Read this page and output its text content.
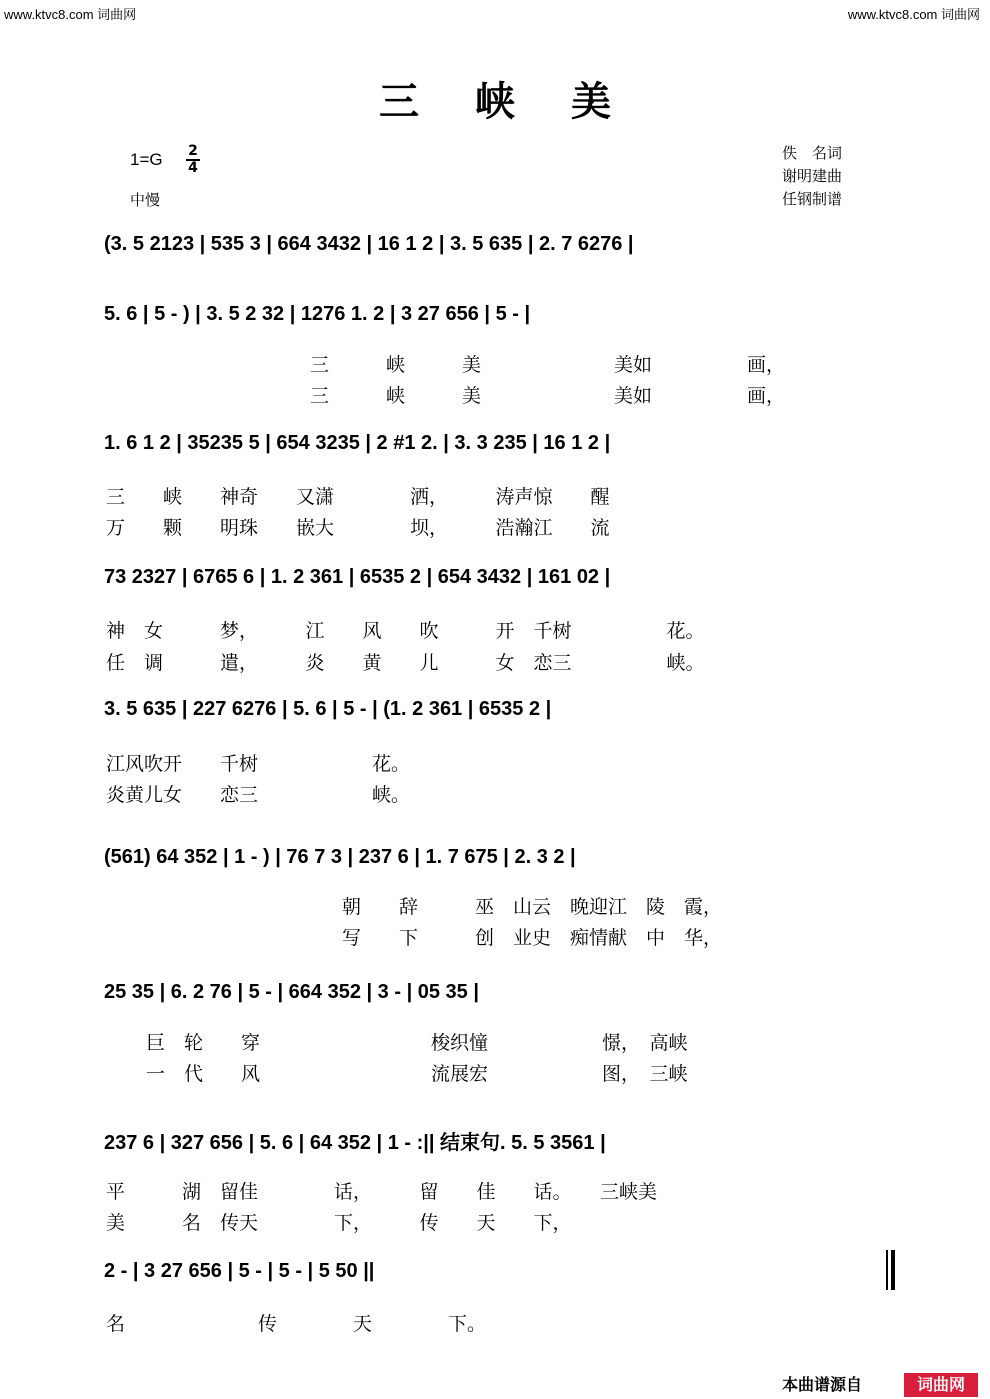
www.ktvc8.com 词曲网	www.ktvc8.com 词曲网
三峡美
1=G 2
4
中慢
佚　名词
谢明建曲
任钢制谱
(3. 5 2123 | 535 3 | 664 3432 | 16 1 2 | 3. 5 635 | 2. 7 6276 |
5. 6 | 5 - ) | 3. 5 2 32 | 1276 1. 2 | 3 27 656 | 5 - |
三　　　峡　　　美　　　　　　　美如　　　　　画，
三　　　峡　　　美　　　　　　　美如　　　　　画，
1. 6 1 2 | 35235 5 | 654 3235 | 2 #1 2. | 3. 3 235 | 16 1 2 |
三　　峡　　神奇　　又潇　　　　洒，　　　涛声惊　　醒
万　　颗　　明珠　　嵌大　　　　坝，　　　浩瀚江　　流
73 2327 | 6765 6 | 1. 2 361 | 6535 2 | 654 3432 | 161 02 |
神　女　　　梦，　　　江　　风　　吹　　　开　千树　　　　　花。
任　调　　　遣，　　　炎　　黄　　儿　　　女　恋三　　　　　峡。
3. 5 635 | 227 6276 | 5. 6 | 5 - | (1. 2 361 | 6535 2 |
江风吹开　　千树　　　　　　花。
炎黄儿女　　恋三　　　　　　峡。
(561) 64 352 | 1 - ) | 76 7 3 | 237 6 | 1. 7 675 | 2. 3 2 |
朝　　辞　　　巫　山云　晚迎江　陵　霞，
写　　下　　　创　业史　痴情献　中　华，
25 35 | 6. 2 76 | 5 - | 664 352 | 3 - | 05 35 |
巨　轮　　穿　　　　　　　　　梭织憧　　　　　　憬，　高峡
一　代　　风　　　　　　　　　流展宏　　　　　　图，　三峡
237 6 | 327 656 | 5. 6 | 64 352 | 1 - :|| 结束句. 5. 5 3561 |
平　　　湖　留佳　　　　话，　　　留　　佳　　话。　　三峡美
美　　　名　传天　　　　下，　　　传　　天　　下，
2 - | 3 27 656 | 5 - | 5 - | 5 50 ||
名　　　　　　　传　　　　天　　　　下。
本曲谱源自	词曲网
